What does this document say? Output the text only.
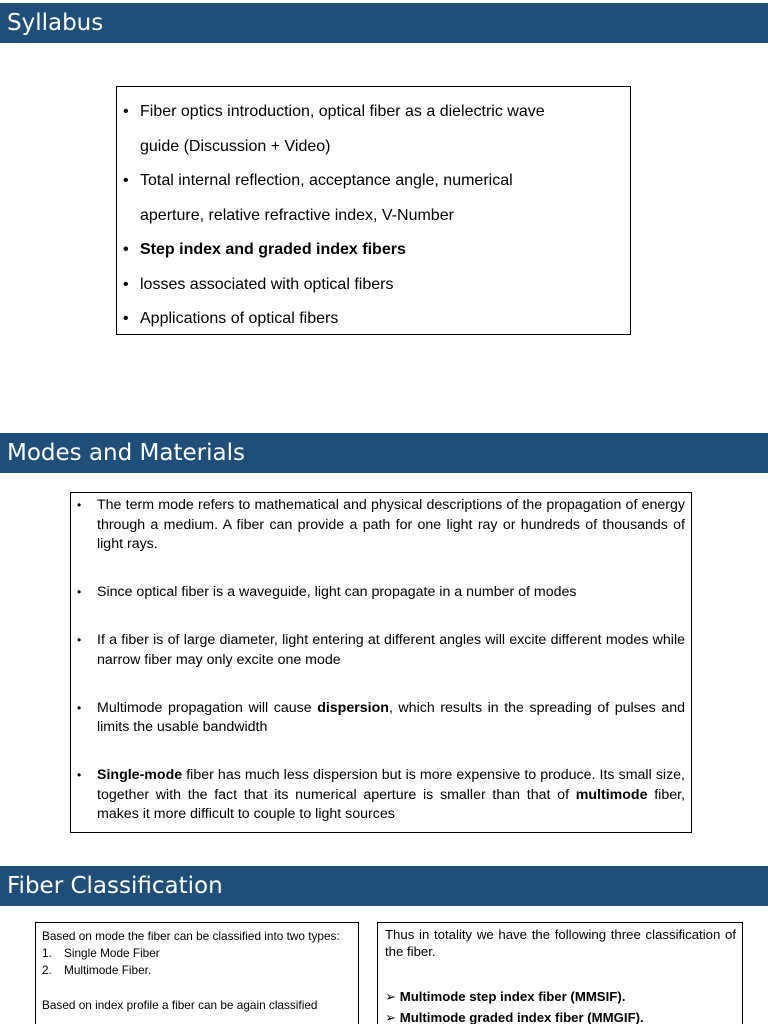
Syllabus
• Fiber optics introduction, optical fiber as a dielectric wave
guide (Discussion + Video)
• Total internal reflection, acceptance angle, numerical
aperture, relative refractive index, V-Number
• Step index and graded index fibers
• losses associated with optical fibers
• Applications of optical fibers
Modes and Materials
• The term mode refers to mathematical and physical descriptions of the propagation of energy through a medium. A fiber can provide a path for one light ray or hundreds of thousands of light rays.
• Since optical fiber is a waveguide, light can propagate in a number of modes
• If a fiber is of large diameter, light entering at different angles will excite different modes while narrow fiber may only excite one mode
• Multimode propagation will cause dispersion, which results in the spreading of pulses and limits the usable bandwidth
• Single-mode fiber has much less dispersion but is more expensive to produce. Its small size, together with the fact that its numerical aperture is smaller than that of multimode fiber, makes it more difficult to couple to light sources
Fiber Classification
Based on mode the fiber can be classified into two types:
1. Single Mode Fiber
2. Multimode Fiber.
Based on index profile a fiber can be again classified
Thus in totality we have the following three classification of the fiber.
➢ Multimode step index fiber (MMSIF).
➢ Multimode graded index fiber (MMGIF).
